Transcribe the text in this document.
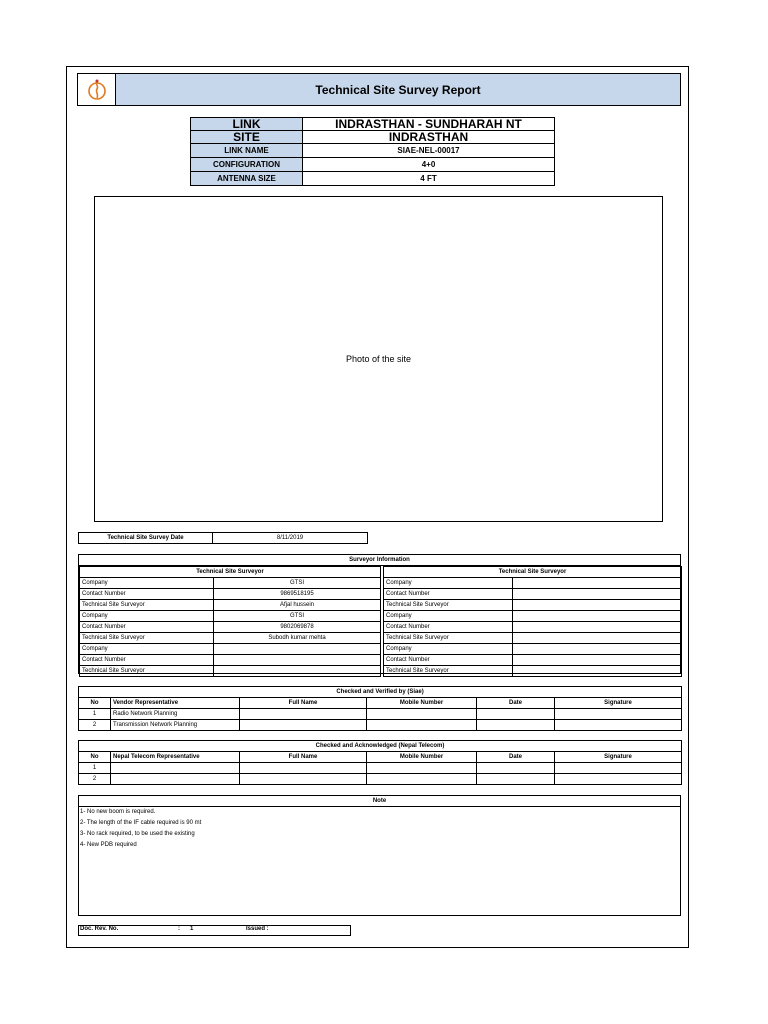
Technical Site Survey Report
LINK	INDRASTHAN - SUNDHARAH NT
SITE	INDRASTHAN
LINK NAME	SIAE-NEL-00017
CONFIGURATION	4+0
ANTENNA SIZE	4 FT
Photo of the site
Technical Site Survey Date	8/11/2019
Surveyor Information
Technical Site Surveyor	
Company	GTSI
Contact Number	9869518195
Technical Site Surveyor	Afjal hussein
Company	GTSI
Contact Number	9802069878
Technical Site Surveyor	Subodh kumar mehta
Company	
Contact Number	
Technical Site Surveyor	
Technical Site Surveyor	
Company	
Contact Number	
Technical Site Surveyor	
Company	
Contact Number	
Technical Site Surveyor	
Company	
Contact Number	
Technical Site Surveyor	
Checked and Verified by (Siae)					
No	Vendor Representative	Full Name	Mobile Number	Date	Signature
1	Radio Network Planning				
2	Transmission Network Planning				
Checked and Acknowledged (Nepal Telecom)					
No	Nepal Telecom Representative	Full Name	Mobile Number	Date	Signature
1					
2					
Note
1- No new boom is required.
2- The length of the IF cable required is 90 mt
3- No rack required, to be used the existing
4- New PDB required
Doc. Rev. No.	:	1	Issued :
